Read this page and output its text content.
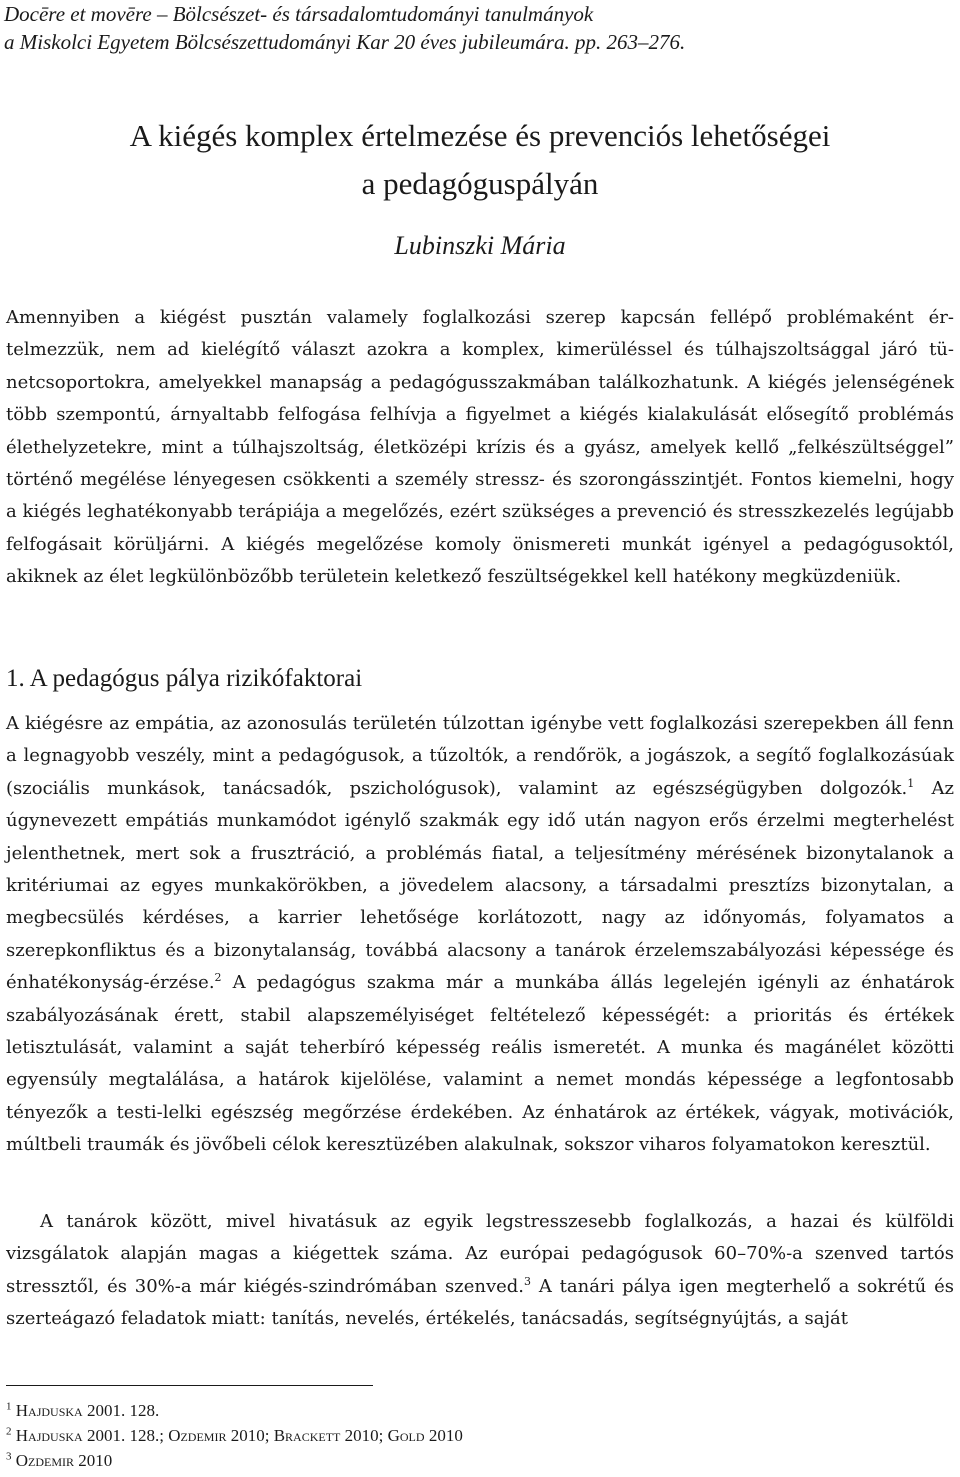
Docēre et movēre – Bölcsészet- és társadalomtudományi tanulmányok
a Miskolci Egyetem Bölcsészettudományi Kar 20 éves jubileumára. pp. 263–276.
A kiégés komplex értelmezése és prevenciós lehetőségei
a pedagóguspályán
Lubinszki Mária
Amennyiben a kiégést pusztán valamely foglalkozási szerep kapcsán fellépő problémaként értelmezzük, nem ad kielégítő választ azokra a komplex, kimerüléssel és túlhajszoltsággal járó tünetcsoportokra, amelyekkel manapság a pedagógusszakmában találkozhatunk. A kiégés jelenségének több szempontú, árnyaltabb felfogása felhívja a figyelmet a kiégés kialakulását elősegítő problémás élethelyzetekre, mint a túlhajszoltság, életközépi krízis és a gyász, amelyek kellő „felkészültséggel” történő megélése lényegesen csökkenti a személy stressz- és szorongásszintjét. Fontos kiemelni, hogy a kiégés leghatékonyabb terápiája a megelőzés, ezért szükséges a prevenció és stresszkezelés legújabb felfogásait körüljárni. A kiégés megelőzése komoly önismereti munkát igényel a pedagógusoktól, akiknek az élet legkülönbözőbb területein keletkező feszültségekkel kell hatékony megküzdeniük.
1. A pedagógus pálya rizikófaktorai
A kiégésre az empátia, az azonosulás területén túlzottan igénybe vett foglalkozási szerepekben áll fenn a legnagyobb veszély, mint a pedagógusok, a tűzoltók, a rendőrök, a jogászok, a segítő foglalkozásúak (szociális munkások, tanácsadók, pszichológusok), valamint az egészségügyben dolgozók.$^1$ Az úgynevezett empátiás munkamódot igénylő szakmák egy idő után nagyon erős érzelmi megterhelést jelenthetnek, mert sok a frusztráció, a problémás fiatal, a teljesítmény mérésének bizonytalanok a kritériumai az egyes munkakörökben, a jövedelem alacsony, a társadalmi presztízs bizonytalan, a megbecsülés kérdéses, a karrier lehetősége korlátozott, nagy az időnyomás, folyamatos a szerepkonfliktus és a bizonytalanság, továbbá alacsony a tanárok érzelemszabályozási képessége és énhatékonyság-érzése.$^2$ A pedagógus szakma már a munkába állás legelején igényli az énhatárok szabályozásának érett, stabil alapszemélyiséget feltételező képességét: a prioritás és értékek letisztulását, valamint a saját teherbíró képesség reális ismeretét. A munka és magánélet közötti egyensúly megtalálása, a határok kijelölése, valamint a nemet mondás képessége a legfontosabb tényezők a testi-lelki egészség megőrzése érdekében. Az énhatárok az értékek, vágyak, motivációk, múltbeli traumák és jövőbeli célok keresztüzében alakulnak, sokszor viharos folyamatokon keresztül.
A tanárok között, mivel hivatásuk az egyik legstresszesebb foglalkozás, a hazai és külföldi vizsgálatok alapján magas a kiégettek száma. Az európai pedagógusok 60–70%-a szenved tartós stressztől, és 30%-a már kiégés-szindrómában szenved.$^3$ A tanári pálya igen megterhelő a sokrétű és szerteágazó feladatok miatt: tanítás, nevelés, értékelés, tanácsadás, segítségnyújtás, a saját
$^1$ Hajduska 2001. 128.
$^2$ Hajduska 2001. 128.; Ozdemir 2010; Brackett 2010; Gold 2010
$^3$ Ozdemir 2010
